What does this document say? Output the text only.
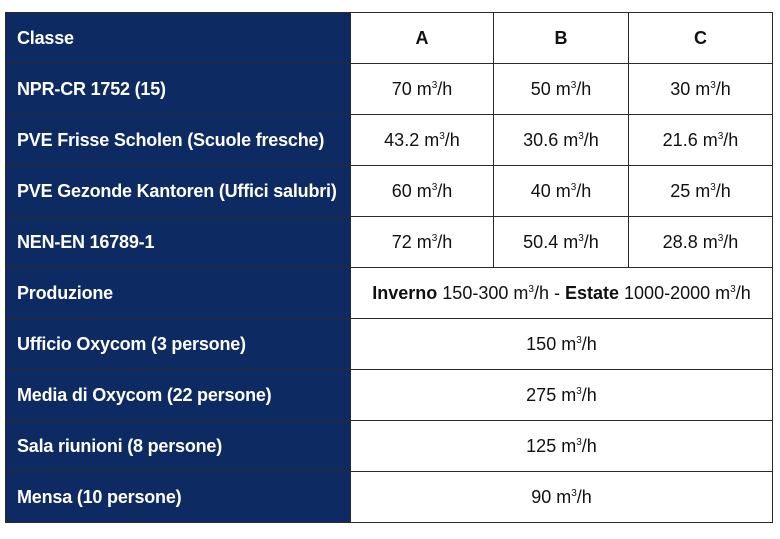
Classe	A	B	C
NPR-CR 1752 (15)	70 $m^3/h$	50 $m^3/h$	30 $m^3/h$
PVE Frisse Scholen (Scuole fresche)	43.2 $m^3/h$	30.6 $m^3/h$	21.6 $m^3/h$
PVE Gezonde Kantoren (Uffici salubri)	60 $m^3/h$	40 $m^3/h$	25 $m^3/h$
NEN-EN 16789-1	72 $m^3/h$	50.4 $m^3/h$	28.8 $m^3/h$
Produzione	Inverno 150-300 $m^3/h$ - Estate 1000-2000 $m^3/h$		
Ufficio Oxycom (3 persone)	150 $m^3/h$		
Media di Oxycom (22 persone)	275 $m^3/h$		
Sala riunioni (8 persone)	125 $m^3/h$		
Mensa (10 persone)	90 $m^3/h$		
